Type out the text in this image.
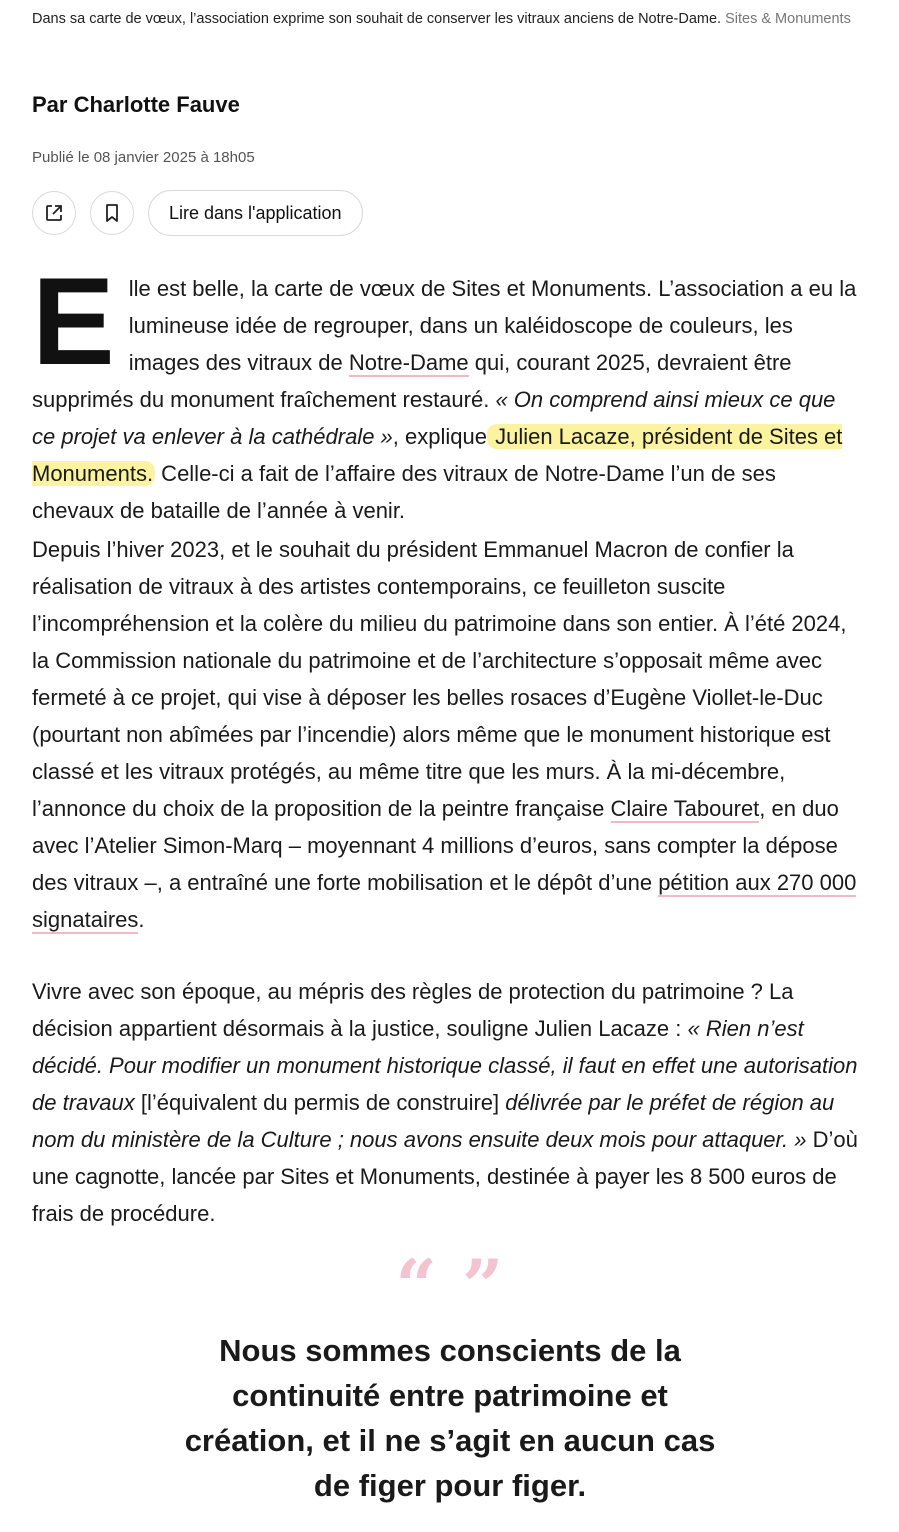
Dans sa carte de vœux, l’association exprime son souhait de conserver les vitraux anciens de Notre-Dame. Sites & Monuments
Par Charlotte Fauve
Publié le 08 janvier 2025 à 18h05
Lire dans l'application

Elle est belle, la carte de vœux de Sites et Monuments. L’association a eu la lumineuse idée de regrouper, dans un kaléidoscope de couleurs, les images des vitraux de Notre-Dame qui, courant 2025, devraient être supprimés du monument fraîchement restauré. « On comprend ainsi mieux ce que ce projet va enlever à la cathédrale », explique Julien Lacaze, président de Sites et Monuments. Celle-ci a fait de l’affaire des vitraux de Notre-Dame l’un de ses chevaux de bataille de l’année à venir.

Depuis l’hiver 2023, et le souhait du président Emmanuel Macron de confier la réalisation de vitraux à des artistes contemporains, ce feuilleton suscite l’incompréhension et la colère du milieu du patrimoine dans son entier. À l’été 2024, la Commission nationale du patrimoine et de l’architecture s’opposait même avec fermeté à ce projet, qui vise à déposer les belles rosaces d’Eugène Viollet-le-Duc (pourtant non abîmées par l’incendie) alors même que le monument historique est classé et les vitraux protégés, au même titre que les murs. À la mi-décembre, l’annonce du choix de la proposition de la peintre française Claire Tabouret, en duo avec l’Atelier Simon-Marq – moyennant 4 millions d’euros, sans compter la dépose des vitraux –, a entraîné une forte mobilisation et le dépôt d’une pétition aux 270 000 signataires.

Vivre avec son époque, au mépris des règles de protection du patrimoine ? La décision appartient désormais à la justice, souligne Julien Lacaze : « Rien n’est décidé. Pour modifier un monument historique classé, il faut en effet une autorisation de travaux [l’équivalent du permis de construire] délivrée par le préfet de région au nom du ministère de la Culture ; nous avons ensuite deux mois pour attaquer. » D’où une cagnotte, lancée par Sites et Monuments, destinée à payer les 8 500 euros de frais de procédure.

“ ”
Nous sommes conscients de la continuité entre patrimoine et création, et il ne s’agit en aucun cas de figer pour figer.
